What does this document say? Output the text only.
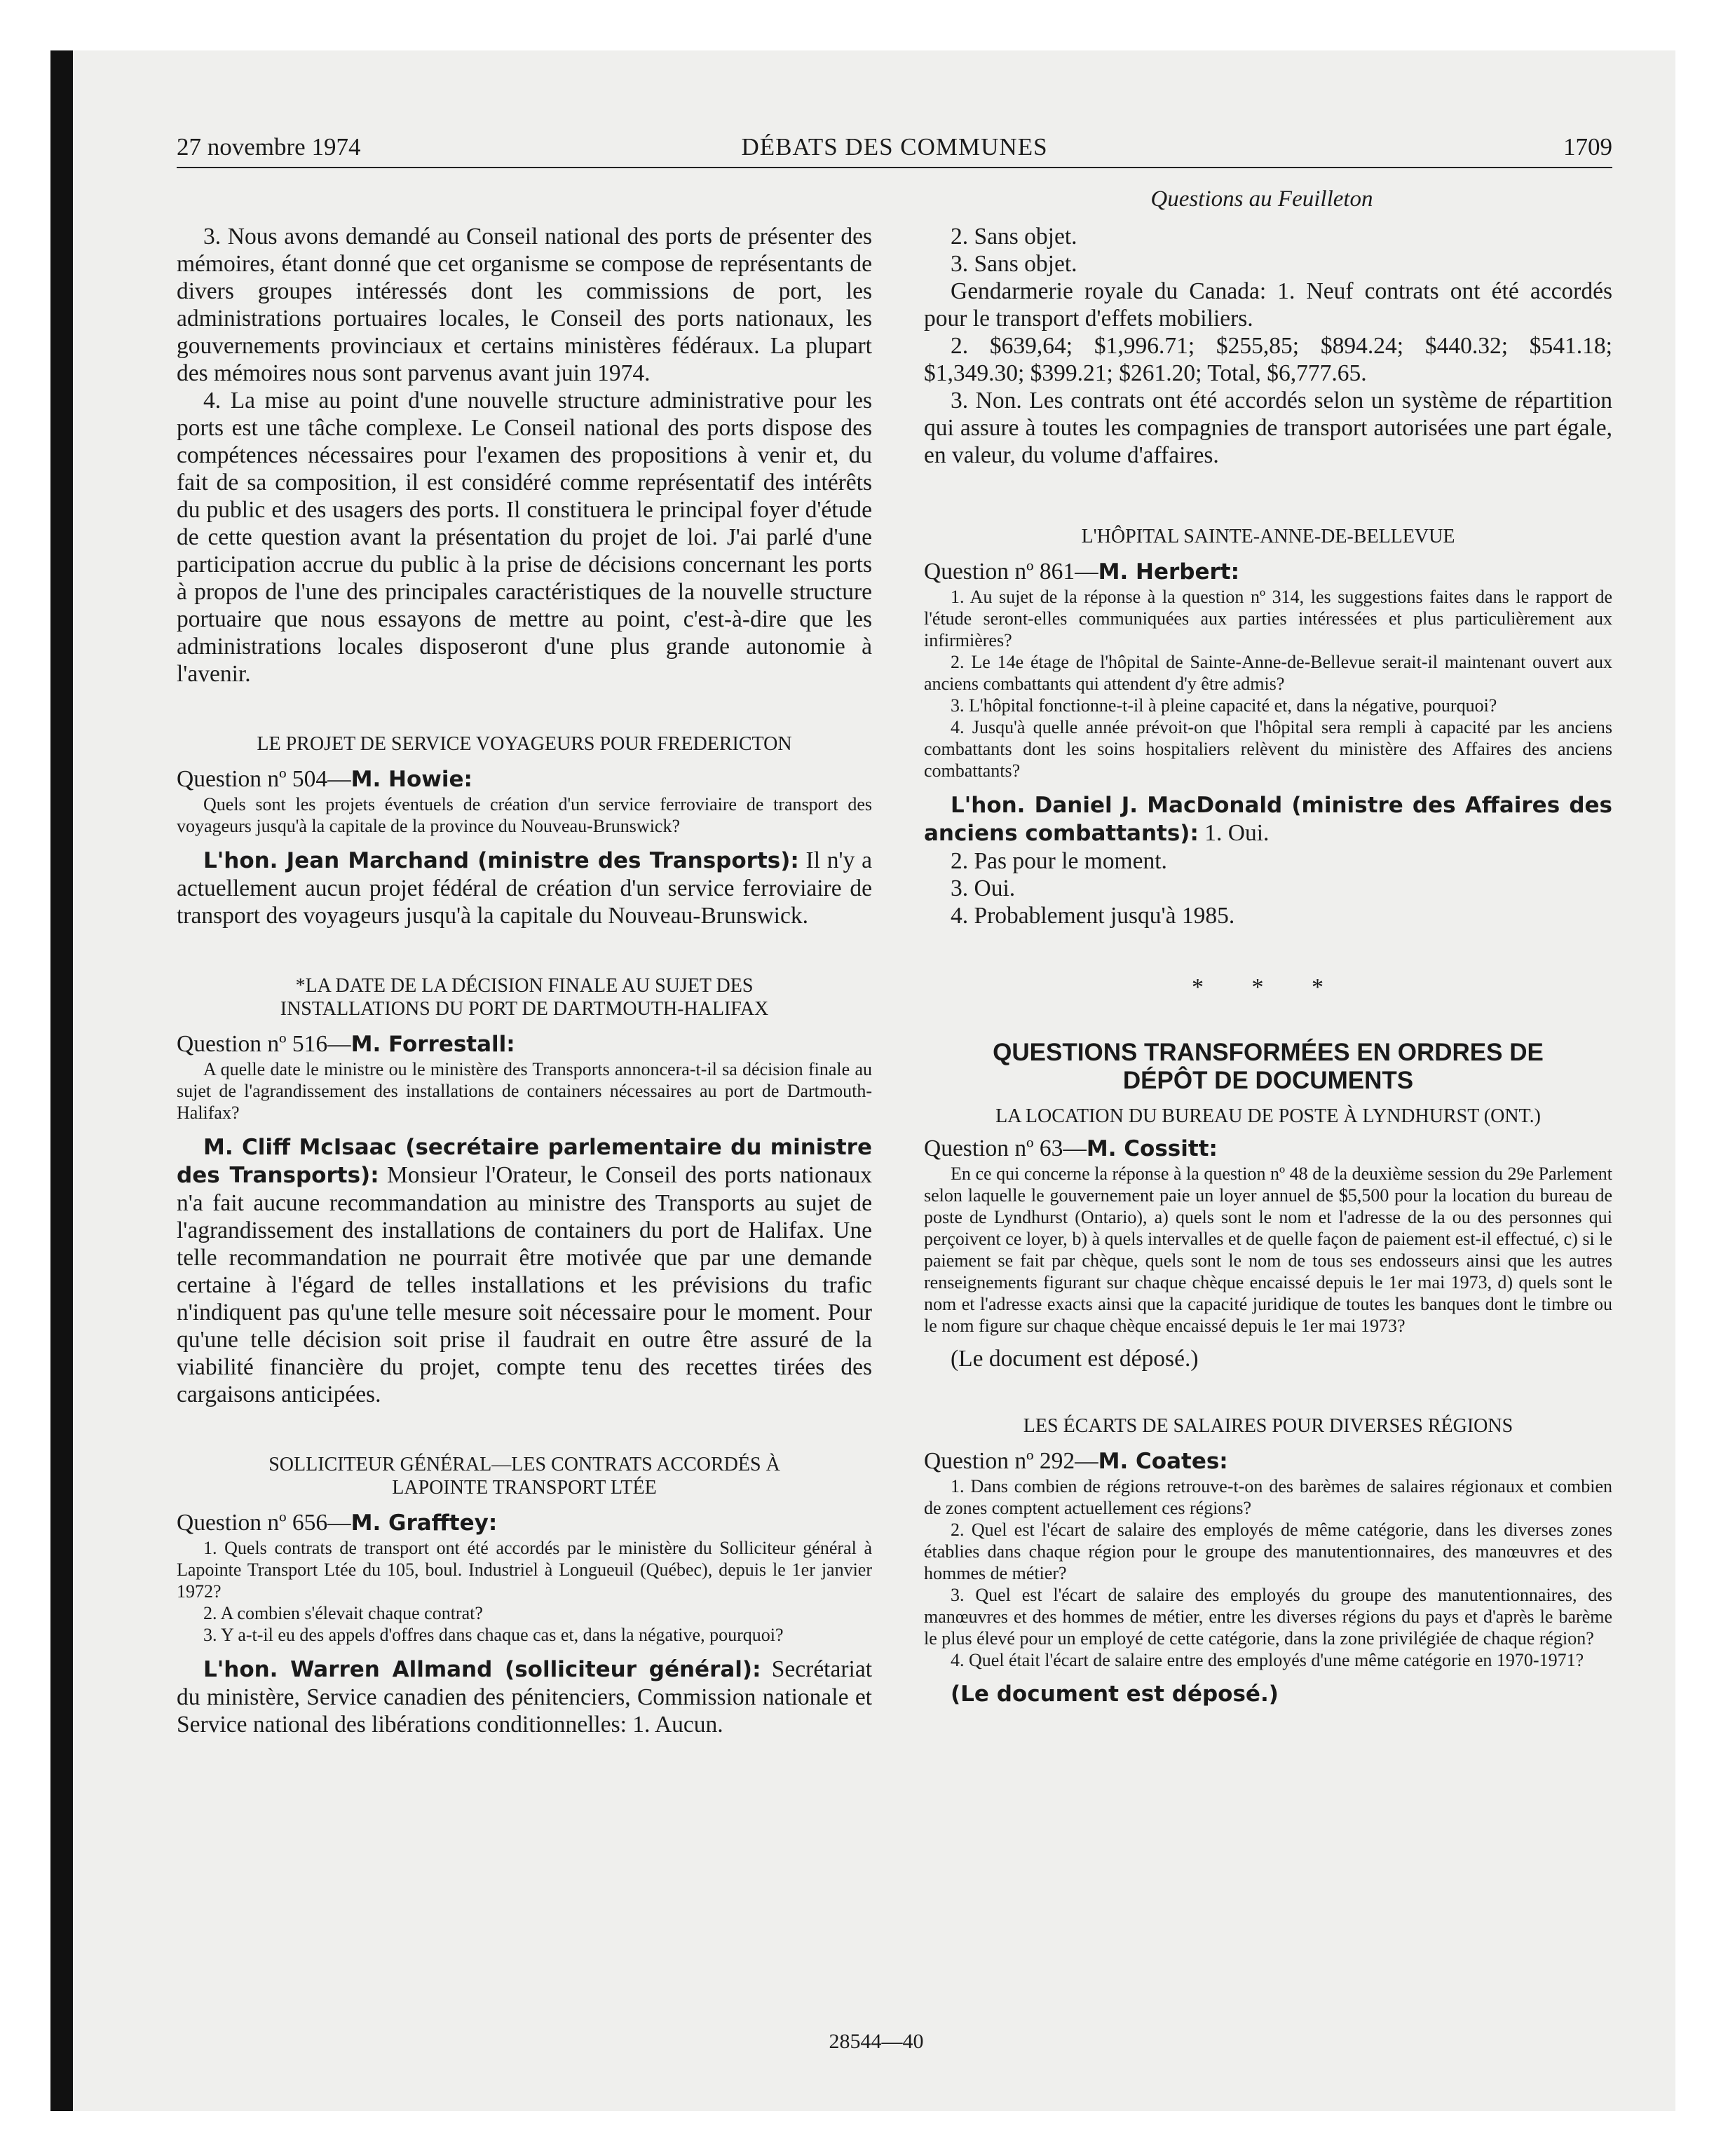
27 novembre 1974	DÉBATS DES COMMUNES	1709
Questions au Feuilleton

3. Nous avons demandé au Conseil national des ports de présenter des mémoires, étant donné que cet organisme se compose de représentants de divers groupes intéressés dont les commissions de port, les administrations portuaires locales, le Conseil des ports nationaux, les gouvernements provinciaux et certains ministères fédéraux. La plupart des mémoires nous sont parvenus avant juin 1974.

4. La mise au point d'une nouvelle structure administrative pour les ports est une tâche complexe. Le Conseil national des ports dispose des compétences nécessaires pour l'examen des propositions à venir et, du fait de sa composition, il est considéré comme représentatif des intérêts du public et des usagers des ports. Il constituera le principal foyer d'étude de cette question avant la présentation du projet de loi. J'ai parlé d'une participation accrue du public à la prise de décisions concernant les ports à propos de l'une des principales caractéristiques de la nouvelle structure portuaire que nous essayons de mettre au point, c'est-à-dire que les administrations locales disposeront d'une plus grande autonomie à l'avenir.

LE PROJET DE SERVICE VOYAGEURS POUR FREDERICTON

Question nº 504—M. Howie:

Quels sont les projets éventuels de création d'un service ferroviaire de transport des voyageurs jusqu'à la capitale de la province du Nouveau-Brunswick?

L'hon. Jean Marchand (ministre des Transports): Il n'y a actuellement aucun projet fédéral de création d'un service ferroviaire de transport des voyageurs jusqu'à la capitale du Nouveau-Brunswick.

*LA DATE DE LA DÉCISION FINALE AU SUJET DES
INSTALLATIONS DU PORT DE DARTMOUTH-HALIFAX

Question nº 516—M. Forrestall:

A quelle date le ministre ou le ministère des Transports annoncera-t-il sa décision finale au sujet de l'agrandissement des installations de containers nécessaires au port de Dartmouth-Halifax?

M. Cliff McIsaac (secrétaire parlementaire du ministre des Transports): Monsieur l'Orateur, le Conseil des ports nationaux n'a fait aucune recommandation au ministre des Transports au sujet de l'agrandissement des installations de containers du port de Halifax. Une telle recommandation ne pourrait être motivée que par une demande certaine à l'égard de telles installations et les prévisions du trafic n'indiquent pas qu'une telle mesure soit nécessaire pour le moment. Pour qu'une telle décision soit prise il faudrait en outre être assuré de la viabilité financière du projet, compte tenu des recettes tirées des cargaisons anticipées.

SOLLICITEUR GÉNÉRAL—LES CONTRATS ACCORDÉS À
LAPOINTE TRANSPORT LTÉE

Question nº 656—M. Grafftey:

1. Quels contrats de transport ont été accordés par le ministère du Solliciteur général à Lapointe Transport Ltée du 105, boul. Industriel à Longueuil (Québec), depuis le 1er janvier 1972?

2. A combien s'élevait chaque contrat?

3. Y a-t-il eu des appels d'offres dans chaque cas et, dans la négative, pourquoi?

L'hon. Warren Allmand (solliciteur général): Secrétariat du ministère, Service canadien des pénitenciers, Commission nationale et Service national des libérations conditionnelles: 1. Aucun.

2. Sans objet.

3. Sans objet.

Gendarmerie royale du Canada: 1. Neuf contrats ont été accordés pour le transport d'effets mobiliers.

2. $639,64; $1,996.71; $255,85; $894.24; $440.32; $541.18; $1,349.30; $399.21; $261.20; Total, $6,777.65.

3. Non. Les contrats ont été accordés selon un système de répartition qui assure à toutes les compagnies de transport autorisées une part égale, en valeur, du volume d'affaires.

L'HÔPITAL SAINTE-ANNE-DE-BELLEVUE

Question nº 861—M. Herbert:

1. Au sujet de la réponse à la question nº 314, les suggestions faites dans le rapport de l'étude seront-elles communiquées aux parties intéressées et plus particulièrement aux infirmières?

2. Le 14e étage de l'hôpital de Sainte-Anne-de-Bellevue serait-il maintenant ouvert aux anciens combattants qui attendent d'y être admis?

3. L'hôpital fonctionne-t-il à pleine capacité et, dans la négative, pourquoi?

4. Jusqu'à quelle année prévoit-on que l'hôpital sera rempli à capacité par les anciens combattants dont les soins hospitaliers relèvent du ministère des Affaires des anciens combattants?

L'hon. Daniel J. MacDonald (ministre des Affaires des anciens combattants): 1. Oui.

2. Pas pour le moment.

3. Oui.

4. Probablement jusqu'à 1985.

* * *

QUESTIONS TRANSFORMÉES EN ORDRES DE
DÉPÔT DE DOCUMENTS

LA LOCATION DU BUREAU DE POSTE À LYNDHURST (ONT.)

Question nº 63—M. Cossitt:

En ce qui concerne la réponse à la question nº 48 de la deuxième session du 29e Parlement selon laquelle le gouvernement paie un loyer annuel de $5,500 pour la location du bureau de poste de Lyndhurst (Ontario), a) quels sont le nom et l'adresse de la ou des personnes qui perçoivent ce loyer, b) à quels intervalles et de quelle façon de paiement est-il effectué, c) si le paiement se fait par chèque, quels sont le nom de tous ses endosseurs ainsi que les autres renseignements figurant sur chaque chèque encaissé depuis le 1er mai 1973, d) quels sont le nom et l'adresse exacts ainsi que la capacité juridique de toutes les banques dont le timbre ou le nom figure sur chaque chèque encaissé depuis le 1er mai 1973?

(Le document est déposé.)

LES ÉCARTS DE SALAIRES POUR DIVERSES RÉGIONS

Question nº 292—M. Coates:

1. Dans combien de régions retrouve-t-on des barèmes de salaires régionaux et combien de zones comptent actuellement ces régions?

2. Quel est l'écart de salaire des employés de même catégorie, dans les diverses zones établies dans chaque région pour le groupe des manutentionnaires, des manœuvres et des hommes de métier?

3. Quel est l'écart de salaire des employés du groupe des manutentionnaires, des manœuvres et des hommes de métier, entre les diverses régions du pays et d'après le barème le plus élevé pour un employé de cette catégorie, dans la zone privilégiée de chaque région?

4. Quel était l'écart de salaire entre des employés d'une même catégorie en 1970-1971?

(Le document est déposé.)

28544—40
